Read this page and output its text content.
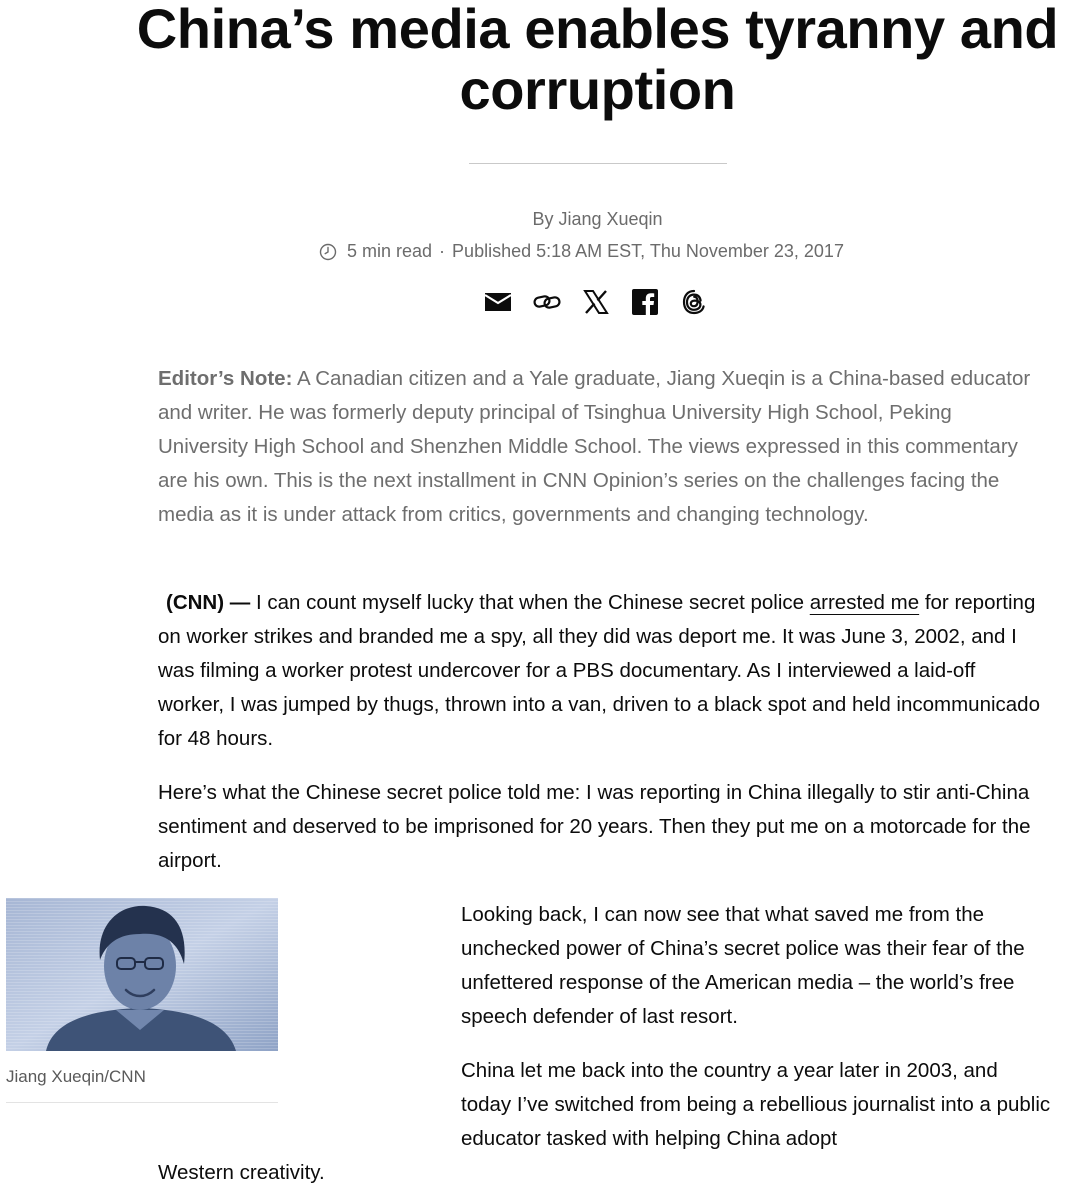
China’s media enables tyranny and corruption
By Jiang Xueqin
5 min read · Published 5:18 AM EST, Thu November 23, 2017

Editor’s Note: A Canadian citizen and a Yale graduate, Jiang Xueqin is a China-based educator and writer. He was formerly deputy principal of Tsinghua University High School, Peking University High School and Shenzhen Middle School. The views expressed in this commentary are his own. This is the next installment in CNN Opinion’s series on the challenges facing the media as it is under attack from critics, governments and changing technology.

(CNN) — I can count myself lucky that when the Chinese secret police arrested me for reporting on worker strikes and branded me a spy, all they did was deport me. It was June 3, 2002, and I was filming a worker protest undercover for a PBS documentary. As I interviewed a laid-off worker, I was jumped by thugs, thrown into a van, driven to a black spot and held incommunicado for 48 hours.

Here’s what the Chinese secret police told me: I was reporting in China illegally to stir anti-China sentiment and deserved to be imprisoned for 20 years. Then they put me on a motorcade for the airport.

Jiang Xueqin/CNN

Looking back, I can now see that what saved me from the unchecked power of China’s secret police was their fear of the unfettered response of the American media – the world’s free speech defender of last resort.

China let me back into the country a year later in 2003, and today I’ve switched from being a rebellious journalist into a public educator tasked with helping China adopt

Western creativity.
